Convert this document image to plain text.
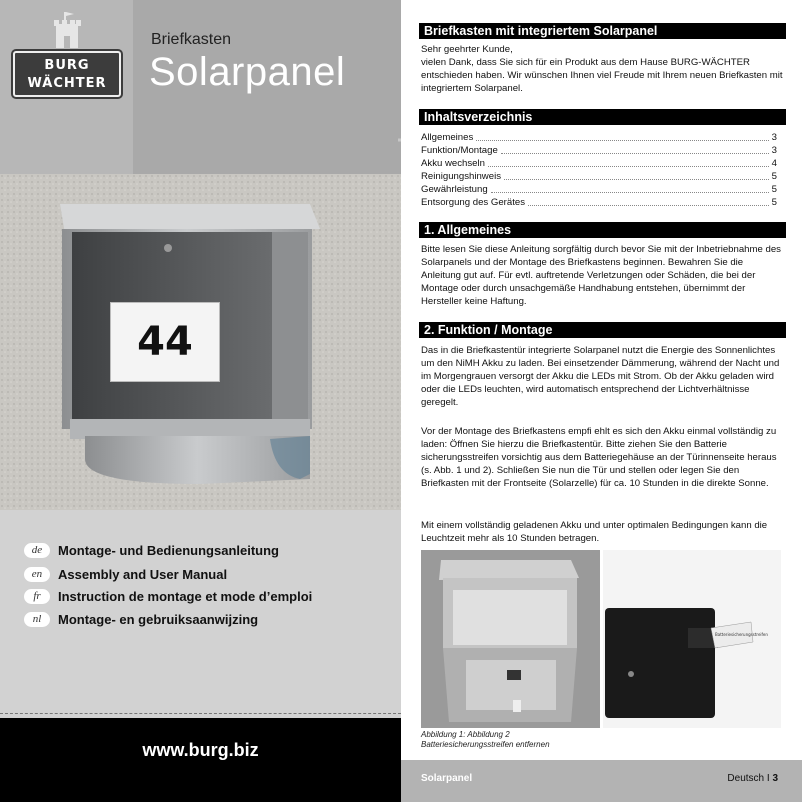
BURG
WÄCHTER
Briefkasten
Solarpanel
44
de	Montage- und Bedienungsanleitung
en	Assembly and User Manual
fr	Instruction de montage et mode d’emploi
nl	Montage- en gebruiksaanwijzing
www.burg.biz
Briefkasten mit integriertem Solarpanel
Sehr geehrter Kunde,
vielen Dank, dass Sie sich für ein Produkt aus dem Hause BURG-WÄCHTER entschieden haben. Wir wünschen Ihnen viel Freude mit Ihrem neuen Briefkasten mit integriertem Solarpanel.
Inhaltsverzeichnis
Allgemeines	3
Funktion/Montage	3
Akku wechseln	4
Reinigungshinweis	5
Gewährleistung	5
Entsorgung des Gerätes	5
1. Allgemeines
Bitte lesen Sie diese Anleitung sorgfältig durch bevor Sie mit der Inbetriebnahme des Solarpanels und der Montage des Briefkastens beginnen. Bewahren Sie die Anleitung gut auf. Für evtl. auftretende Verletzungen oder Schäden, die bei der Montage oder durch unsachgemäße Handhabung entstehen, übernimmt der Hersteller keine Haftung.
2. Funktion / Montage
Das in die Briefkastentür integrierte Solarpanel nutzt die Energie des Sonnenlichtes um den NiMH Akku zu laden. Bei einsetzender Dämmerung, während der Nacht und im Morgengrauen versorgt der Akku die LEDs mit Strom. Ob der Akku geladen wird oder die LEDs leuchten, wird automatisch entsprechend der Lichtverhältnisse geregelt.
Vor der Montage des Briefkastens empfi ehlt es sich den Akku einmal vollständig zu laden: Öffnen Sie hierzu die Briefkastentür. Bitte ziehen Sie den Batterie sicherungsstreifen vorsichtig aus dem Batteriegehäuse an der Türinnenseite heraus (s. Abb. 1 und 2). Schließen Sie nun die Tür und stellen oder legen Sie den Briefkasten mit der Frontseite (Solarzelle) für ca. 10 Stunden in die direkte Sonne.
Mit einem vollständig geladenen Akku und unter optimalen Bedingungen kann die Leuchtzeit mehr als 10 Stunden betragen.
Batteriesicherungsstreifen
Abbildung 1: Abbildung 2
Batteriesicherungsstreifen entfernen
Solarpanel	Deutsch I 3
